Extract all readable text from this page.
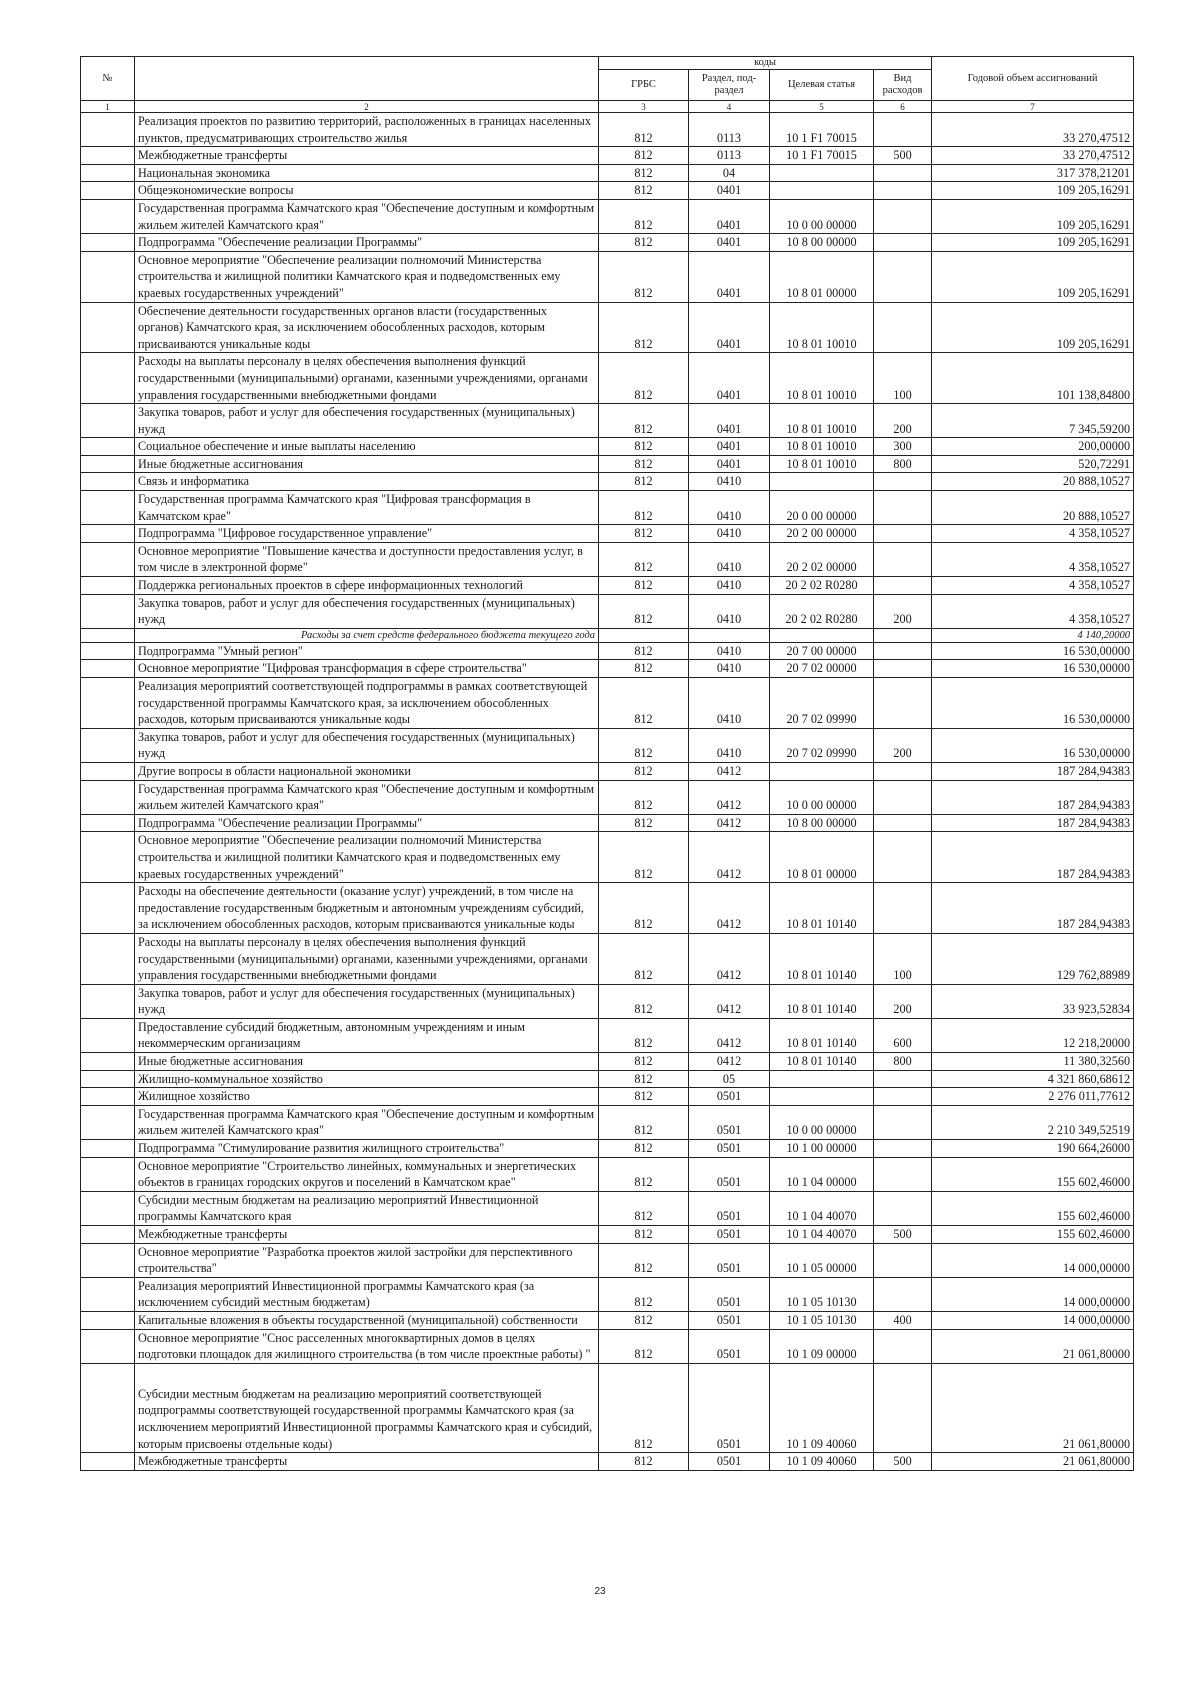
№		коды				Годовой объем ассигнований
		ГРБС	Раздел, под- раздел	Целевая статья	Вид расходов	
1	2	3	4	5	6	7
	Реализация проектов по развитию территорий, расположенных в границах населенных пунктов, предусматривающих строительство жилья	812	0113	10 1 F1 70015		33 270,47512
	Межбюджетные трансферты	812	0113	10 1 F1 70015	500	33 270,47512
	Национальная экономика	812	04			317 378,21201
	Общеэкономические вопросы	812	0401			109 205,16291
	Государственная программа Камчатского края "Обеспечение доступным и комфортным жильем жителей Камчатского края"	812	0401	10 0 00 00000		109 205,16291
	Подпрограмма "Обеспечение реализации Программы"	812	0401	10 8 00 00000		109 205,16291
	Основное мероприятие "Обеспечение реализации полномочий Министерства строительства и жилищной политики Камчатского края и подведомственных ему краевых государственных учреждений"	812	0401	10 8 01 00000		109 205,16291
	Обеспечение деятельности государственных органов власти (государственных органов) Камчатского края, за исключением обособленных расходов, которым присваиваются уникальные коды	812	0401	10 8 01 10010		109 205,16291
	Расходы на выплаты персоналу в целях обеспечения выполнения функций государственными (муниципальными) органами, казенными учреждениями, органами управления государственными внебюджетными фондами	812	0401	10 8 01 10010	100	101 138,84800
	Закупка товаров, работ и услуг для обеспечения государственных (муниципальных) нужд	812	0401	10 8 01 10010	200	7 345,59200
	Социальное обеспечение и иные выплаты населению	812	0401	10 8 01 10010	300	200,00000
	Иные бюджетные ассигнования	812	0401	10 8 01 10010	800	520,72291
	Связь и информатика	812	0410			20 888,10527
	Государственная программа Камчатского края "Цифровая трансформация в Камчатском крае"	812	0410	20 0 00 00000		20 888,10527
	Подпрограмма "Цифровое государственное управление"	812	0410	20 2 00 00000		4 358,10527
	Основное мероприятие "Повышение качества и доступности предоставления услуг, в том числе в электронной форме"	812	0410	20 2 02 00000		4 358,10527
	Поддержка региональных проектов в сфере информационных технологий	812	0410	20 2 02 R0280		4 358,10527
	Закупка товаров, работ и услуг для обеспечения государственных (муниципальных) нужд	812	0410	20 2 02 R0280	200	4 358,10527
	Расходы за счет средств федерального бюджета текущего года					4 140,20000
	Подпрограмма "Умный регион"	812	0410	20 7 00 00000		16 530,00000
	Основное мероприятие "Цифровая трансформация в сфере строительства"	812	0410	20 7 02 00000		16 530,00000
	Реализация мероприятий соответствующей подпрограммы в рамках соответствующей государственной программы Камчатского края, за исключением обособленных расходов, которым присваиваются уникальные коды	812	0410	20 7 02 09990		16 530,00000
	Закупка товаров, работ и услуг для обеспечения государственных (муниципальных) нужд	812	0410	20 7 02 09990	200	16 530,00000
	Другие вопросы в области национальной экономики	812	0412			187 284,94383
	Государственная программа Камчатского края "Обеспечение доступным и комфортным жильем жителей Камчатского края"	812	0412	10 0 00 00000		187 284,94383
	Подпрограмма "Обеспечение реализации Программы"	812	0412	10 8 00 00000		187 284,94383
	Основное мероприятие "Обеспечение реализации полномочий Министерства строительства и жилищной политики Камчатского края и подведомственных ему краевых государственных учреждений"	812	0412	10 8 01 00000		187 284,94383
	Расходы на обеспечение деятельности (оказание услуг) учреждений, в том числе на предоставление государственным бюджетным и автономным учреждениям субсидий, за исключением обособленных расходов, которым присваиваются уникальные коды	812	0412	10 8 01 10140		187 284,94383
	Расходы на выплаты персоналу в целях обеспечения выполнения функций государственными (муниципальными) органами, казенными учреждениями, органами управления государственными внебюджетными фондами	812	0412	10 8 01 10140	100	129 762,88989
	Закупка товаров, работ и услуг для обеспечения государственных (муниципальных) нужд	812	0412	10 8 01 10140	200	33 923,52834
	Предоставление субсидий бюджетным, автономным учреждениям и иным некоммерческим организациям	812	0412	10 8 01 10140	600	12 218,20000
	Иные бюджетные ассигнования	812	0412	10 8 01 10140	800	11 380,32560
	Жилищно-коммунальное хозяйство	812	05			4 321 860,68612
	Жилищное хозяйство	812	0501			2 276 011,77612
	Государственная программа Камчатского края "Обеспечение доступным и комфортным жильем жителей Камчатского края"	812	0501	10 0 00 00000		2 210 349,52519
	Подпрограмма "Стимулирование развития жилищного строительства"	812	0501	10 1 00 00000		190 664,26000
	Основное мероприятие "Строительство линейных, коммунальных и энергетических объектов в границах городских округов и поселений в Камчатском крае"	812	0501	10 1 04 00000		155 602,46000
	Субсидии местным бюджетам на реализацию мероприятий Инвестиционной программы Камчатского края	812	0501	10 1 04 40070		155 602,46000
	Межбюджетные трансферты	812	0501	10 1 04 40070	500	155 602,46000
	Основное мероприятие "Разработка проектов жилой застройки для перспективного строительства"	812	0501	10 1 05 00000		14 000,00000
	Реализация мероприятий Инвестиционной программы Камчатского края (за исключением субсидий местным бюджетам)	812	0501	10 1 05 10130		14 000,00000
	Капитальные вложения в объекты государственной (муниципальной) собственности	812	0501	10 1 05 10130	400	14 000,00000
	Основное мероприятие "Снос расселенных многоквартирных домов в целях подготовки площадок для жилищного строительства (в том числе проектные работы) "	812	0501	10 1 09 00000		21 061,80000
	Субсидии местным бюджетам на реализацию мероприятий соответствующей подпрограммы соответствующей государственной программы Камчатского края (за исключением мероприятий Инвестиционной программы Камчатского края и субсидий, которым присвоены отдельные коды)	812	0501	10 1 09 40060		21 061,80000
	Межбюджетные трансферты	812	0501	10 1 09 40060	500	21 061,80000
23
